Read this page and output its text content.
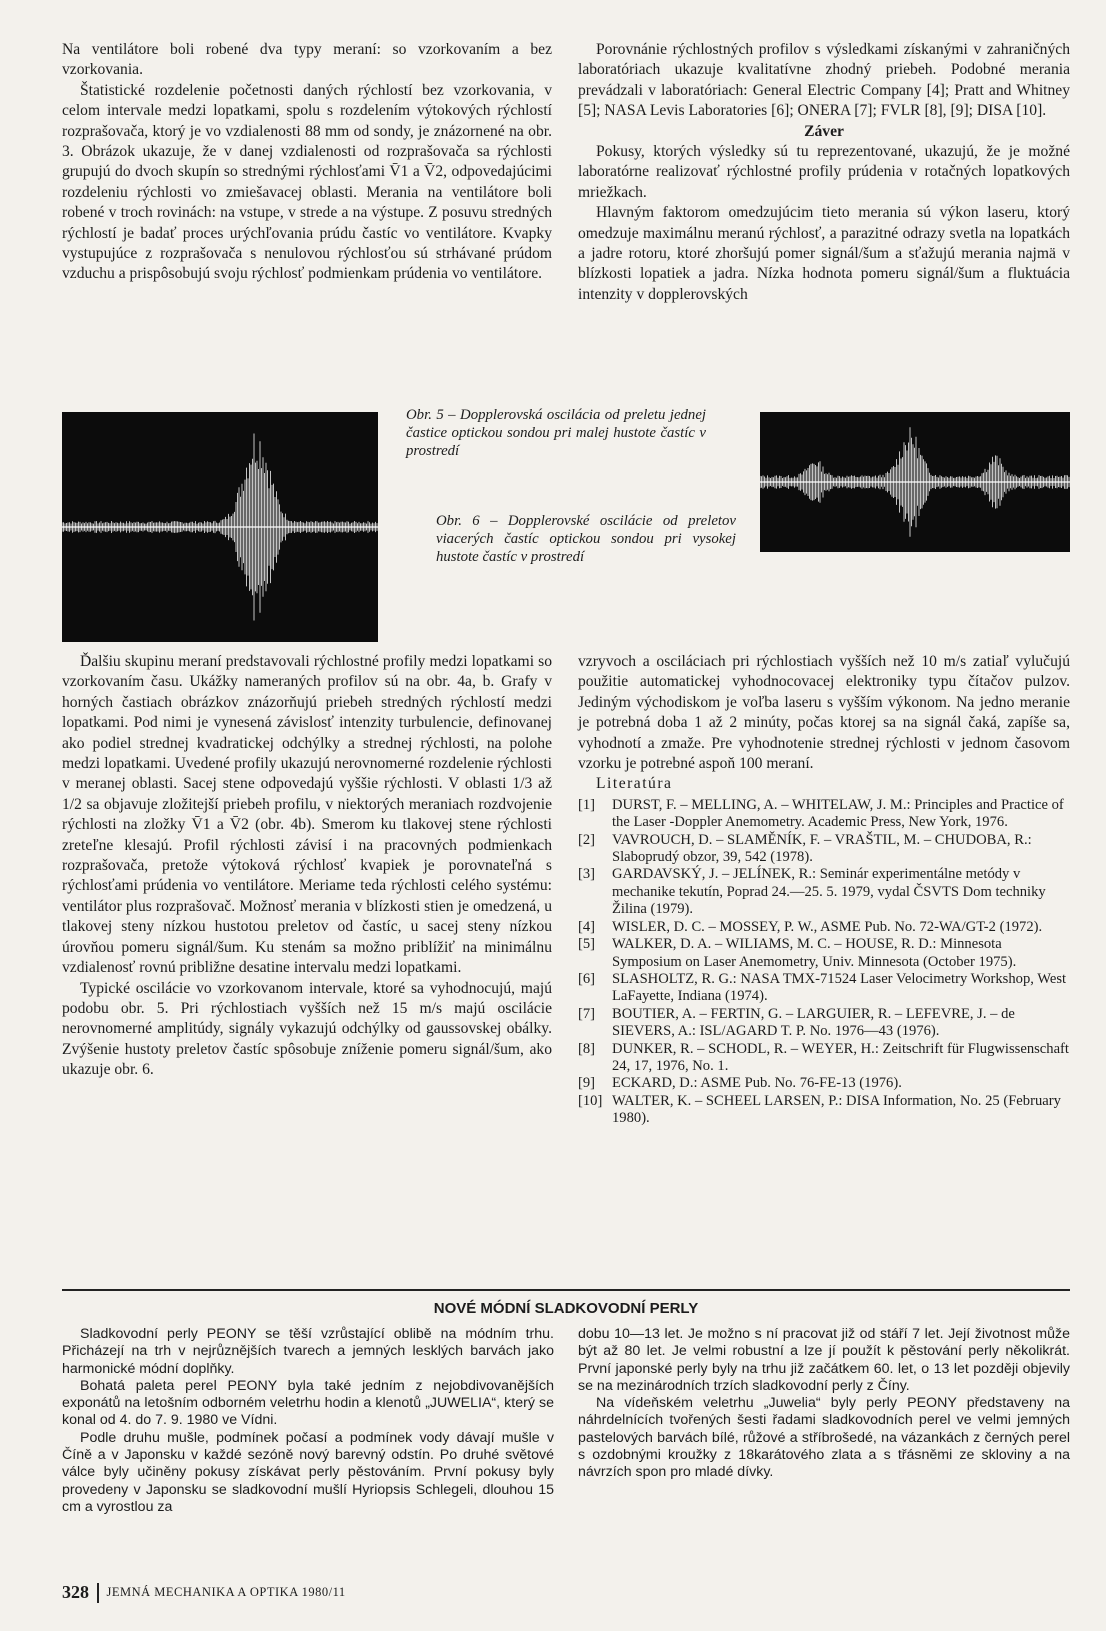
Na ventilátore boli robené dva typy meraní: so vzorkovaním a bez vzorkovania.

Štatistické rozdelenie početnosti daných rýchlostí bez vzorkovania, v celom intervale medzi lopatkami, spolu s rozdelením výtokových rýchlostí rozprašovača, ktorý je vo vzdialenosti 88 mm od sondy, je znázornené na obr. 3. Obrázok ukazuje, že v danej vzdialenosti od rozprašovača sa rýchlosti grupujú do dvoch skupín so strednými rýchlosťami V̄1 a V̄2, odpovedajúcimi rozdeleniu rýchlosti vo zmiešavacej oblasti. Merania na ventilátore boli robené v troch rovinách: na vstupe, v strede a na výstupe. Z posuvu stredných rýchlostí je badať proces urýchľovania prúdu častíc vo ventilátore. Kvapky vystupujúce z rozprašovača s nenulovou rýchlosťou sú strhávané prúdom vzduchu a prispôsobujú svoju rýchlosť podmienkam prúdenia vo ventilátore.

Porovnánie rýchlostných profilov s výsledkami získanými v zahraničných laboratóriach ukazuje kvalitatívne zhodný priebeh. Podobné merania prevádzali v laboratóriach: General Electric Company [4]; Pratt and Whitney [5]; NASA Levis Laboratories [6]; ONERA [7]; FVLR [8], [9]; DISA [10].

Záver

Pokusy, ktorých výsledky sú tu reprezentované, ukazujú, že je možné laboratórne realizovať rýchlostné profily prúdenia v rotačných lopatkových mriežkach.

Hlavným faktorom omedzujúcim tieto merania sú výkon laseru, ktorý omedzuje maximálnu meranú rýchlosť, a parazitné odrazy svetla na lopatkách a jadre rotoru, ktoré zhoršujú pomer signál/šum a sťažujú merania najmä v blízkosti lopatiek a jadra. Nízka hodnota pomeru signál/šum a fluktuácia intenzity v dopplerovských

Obr. 5 – Dopplerovská oscilácia od preletu jednej častice optickou sondou pri malej hustote častíc v prostredí
Obr. 6 – Dopplerovské oscilácie od preletov viacerých častíc optickou sondou pri vysokej hustote častíc v prostredí

Ďalšiu skupinu meraní predstavovali rýchlostné profily medzi lopatkami so vzorkovaním času. Ukážky nameraných profilov sú na obr. 4a, b. Grafy v horných častiach obrázkov znázorňujú priebeh stredných rýchlostí medzi lopatkami. Pod nimi je vynesená závislosť intenzity turbulencie, definovanej ako podiel strednej kvadratickej odchýlky a strednej rýchlosti, na polohe medzi lopatkami. Uvedené profily ukazujú nerovnomerné rozdelenie rýchlosti v meranej oblasti. Sacej stene odpovedajú vyššie rýchlosti. V oblasti 1/3 až 1/2 sa objavuje zložitejší priebeh profilu, v niektorých meraniach rozdvojenie rýchlosti na zložky V̄1 a V̄2 (obr. 4b). Smerom ku tlakovej stene rýchlosti zreteľne klesajú. Profil rýchlosti závisí i na pracovných podmienkach rozprašovača, pretože výtoková rýchlosť kvapiek je porovnateľná s rýchlosťami prúdenia vo ventilátore. Meriame teda rýchlosti celého systému: ventilátor plus rozprašovač. Možnosť merania v blízkosti stien je omedzená, u tlakovej steny nízkou hustotou preletov od častíc, u sacej steny nízkou úrovňou pomeru signál/šum. Ku stenám sa možno priblížiť na minimálnu vzdialenosť rovnú približne desatine intervalu medzi lopatkami.

Typické oscilácie vo vzorkovanom intervale, ktoré sa vyhodnocujú, majú podobu obr. 5. Pri rýchlostiach vyšších než 15 m/s majú oscilácie nerovnomerné amplitúdy, signály vykazujú odchýlky od gaussovskej obálky. Zvýšenie hustoty preletov častíc spôsobuje zníženie pomeru signál/šum, ako ukazuje obr. 6.

vzryvoch a osciláciach pri rýchlostiach vyšších než 10 m/s zatiaľ vylučujú použitie automatickej vyhodnocovacej elektroniky typu čítačov pulzov. Jediným východiskom je voľba laseru s vyšším výkonom. Na jedno meranie je potrebná doba 1 až 2 minúty, počas ktorej sa na signál čaká, zapíše sa, vyhodnotí a zmaže. Pre vyhodnotenie strednej rýchlosti v jednom časovom vzorku je potrebné aspoň 100 meraní.

Literatúra

[1]	DURST, F. – MELLING, A. – WHITELAW, J. M.: Principles and Practice of the Laser -Doppler Anemometry. Academic Press, New York, 1976.
[2]	VAVROUCH, D. – SLAMĚNÍK, F. – VRAŠTIL, M. – CHUDOBA, R.: Slaboprudý obzor, 39, 542 (1978).
[3]	GARDAVSKÝ, J. – JELÍNEK, R.: Seminár experimentálne metódy v mechanike tekutín, Poprad 24.—25. 5. 1979, vydal ČSVTS Dom techniky Žilina (1979).
[4]	WISLER, D. C. – MOSSEY, P. W., ASME Pub. No. 72-WA/GT-2 (1972).
[5]	WALKER, D. A. – WILIAMS, M. C. – HOUSE, R. D.: Minnesota Symposium on Laser Anemometry, Univ. Minnesota (October 1975).
[6]	SLASHOLTZ, R. G.: NASA TMX-71524 Laser Velocimetry Workshop, West LaFayette, Indiana (1974).
[7]	BOUTIER, A. – FERTIN, G. – LARGUIER, R. – LEFEVRE, J. – de SIEVERS, A.: ISL/AGARD T. P. No. 1976—43 (1976).
[8]	DUNKER, R. – SCHODL, R. – WEYER, H.: Zeitschrift für Flugwissenschaft 24, 17, 1976, No. 1.
[9]	ECKARD, D.: ASME Pub. No. 76-FE-13 (1976).
[10] WALTER, K. – SCHEEL LARSEN, P.: DISA Information, No. 25 (February 1980).
NOVÉ MÓDNÍ SLADKOVODNÍ PERLY

Sladkovodní perly PEONY se těší vzrůstající oblibě na módním trhu. Přicházejí na trh v nejrůznějších tvarech a jemných lesklých barvách jako harmonické módní doplňky.

Bohatá paleta perel PEONY byla také jedním z nejobdivovanějších exponátů na letošním odborném veletrhu hodin a klenotů „JUWELIA“, který se konal od 4. do 7. 9. 1980 ve Vídni.

Podle druhu mušle, podmínek počasí a podmínek vody dávají mušle v Číně a v Japonsku v každé sezóně nový barevný odstín. Po druhé světové válce byly učiněny pokusy získávat perly pěstováním. První pokusy byly provedeny v Japonsku se sladkovodní mušlí Hyriopsis Schlegeli, dlouhou 15 cm a vyrostlou za

dobu 10—13 let. Je možno s ní pracovat již od stáří 7 let. Její životnost může být až 80 let. Je velmi robustní a lze jí použít k pěstování perly několikrát. První japonské perly byly na trhu již začátkem 60. let, o 13 let později objevily se na mezinárodních trzích sladkovodní perly z Číny.

Na vídeňském veletrhu „Juwelia“ byly perly PEONY představeny na náhrdelnících tvořených šesti řadami sladkovodních perel ve velmi jemných pastelových barvách bílé, růžové a stříbrošedé, na vázankách z černých perel s ozdobnými kroužky z 18karátového zlata a s třásněmi ze skloviny a na návrzích spon pro mladé dívky.

328 JEMNÁ MECHANIKA A OPTIKA 1980/11
